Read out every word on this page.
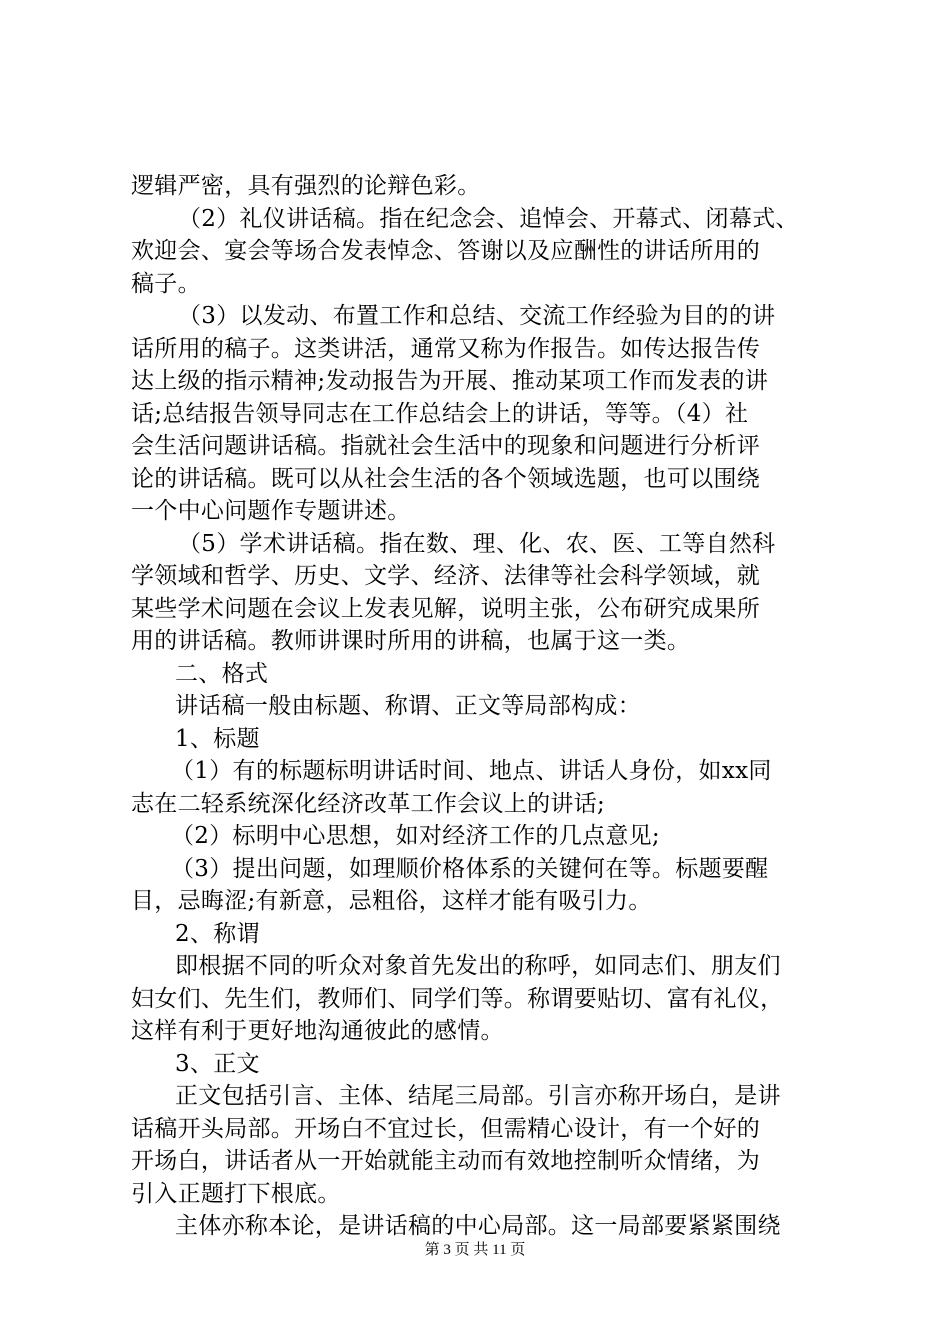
逻辑严密，具有强烈的论辩色彩。
（2）礼仪讲话稿。指在纪念会、追悼会、开幕式、闭幕式、
欢迎会、宴会等场合发表悼念、答谢以及应酬性的讲话所用的
稿子。
（3）以发动、布置工作和总结、交流工作经验为目的的讲
话所用的稿子。这类讲活，通常又称为作报告。如传达报告传
达上级的指示精神;发动报告为开展、推动某项工作而发表的讲
话;总结报告领导同志在工作总结会上的讲话，等等。（4）社
会生活问题讲话稿。指就社会生活中的现象和问题进行分析评
论的讲话稿。既可以从社会生活的各个领域选题，也可以围绕
一个中心问题作专题讲述。
（5）学术讲话稿。指在数、理、化、农、医、工等自然科
学领域和哲学、历史、文学、经济、法律等社会科学领域，就
某些学术问题在会议上发表见解，说明主张，公布研究成果所
用的讲话稿。教师讲课时所用的讲稿，也属于这一类。
二、格式
讲话稿一般由标题、称谓、正文等局部构成：
1、标题
（1）有的标题标明讲话时间、地点、讲话人身份，如xx同
志在二轻系统深化经济改革工作会议上的讲话;
（2）标明中心思想，如对经济工作的几点意见;
（3）提出问题，如理顺价格体系的关键何在等。标题要醒
目，忌晦涩;有新意，忌粗俗，这样才能有吸引力。
2、称谓
即根据不同的听众对象首先发出的称呼，如同志们、朋友们
妇女们、先生们，教师们、同学们等。称谓要贴切、富有礼仪，
这样有利于更好地沟通彼此的感情。
3、正文
正文包括引言、主体、结尾三局部。引言亦称开场白，是讲
话稿开头局部。开场白不宜过长，但需精心设计，有一个好的
开场白，讲话者从一开始就能主动而有效地控制听众情绪，为
引入正题打下根底。
主体亦称本论，是讲话稿的中心局部。这一局部要紧紧围绕
第 3 页 共 11 页
